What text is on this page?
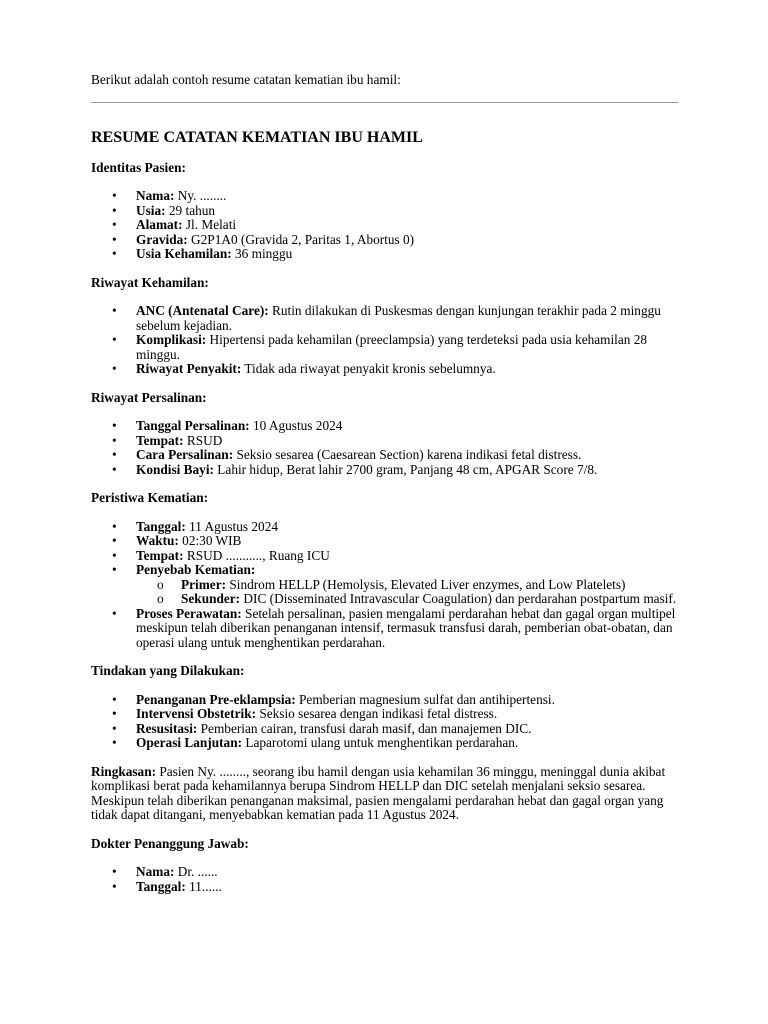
Berikut adalah contoh resume catatan kematian ibu hamil:

RESUME CATATAN KEMATIAN IBU HAMIL
Identitas Pasien:
• Nama: Ny. ........
• Usia: 29 tahun
• Alamat: Jl. Melati
• Gravida: G2P1A0 (Gravida 2, Paritas 1, Abortus 0)
• Usia Kehamilan: 36 minggu
Riwayat Kehamilan:
• ANC (Antenatal Care): Rutin dilakukan di Puskesmas dengan kunjungan terakhir pada 2 minggu sebelum kejadian.
• Komplikasi: Hipertensi pada kehamilan (preeclampsia) yang terdeteksi pada usia kehamilan 28 minggu.
• Riwayat Penyakit: Tidak ada riwayat penyakit kronis sebelumnya.
Riwayat Persalinan:
• Tanggal Persalinan: 10 Agustus 2024
• Tempat: RSUD
• Cara Persalinan: Seksio sesarea (Caesarean Section) karena indikasi fetal distress.
• Kondisi Bayi: Lahir hidup, Berat lahir 2700 gram, Panjang 48 cm, APGAR Score 7/8.
Peristiwa Kematian:
• Tanggal: 11 Agustus 2024
• Waktu: 02:30 WIB
• Tempat: RSUD ..........., Ruang ICU
• Penyebab Kematian:
o Primer: Sindrom HELLP (Hemolysis, Elevated Liver enzymes, and Low Platelets)
o Sekunder: DIC (Disseminated Intravascular Coagulation) dan perdarahan postpartum masif.
• Proses Perawatan: Setelah persalinan, pasien mengalami perdarahan hebat dan gagal organ multipel meskipun telah diberikan penanganan intensif, termasuk transfusi darah, pemberian obat-obatan, dan operasi ulang untuk menghentikan perdarahan.
Tindakan yang Dilakukan:
• Penanganan Pre-eklampsia: Pemberian magnesium sulfat dan antihipertensi.
• Intervensi Obstetrik: Seksio sesarea dengan indikasi fetal distress.
• Resusitasi: Pemberian cairan, transfusi darah masif, dan manajemen DIC.
• Operasi Lanjutan: Laparotomi ulang untuk menghentikan perdarahan.

Ringkasan: Pasien Ny. ........, seorang ibu hamil dengan usia kehamilan 36 minggu, meninggal dunia akibat komplikasi berat pada kehamilannya berupa Sindrom HELLP dan DIC setelah menjalani seksio sesarea. Meskipun telah diberikan penanganan maksimal, pasien mengalami perdarahan hebat dan gagal organ yang tidak dapat ditangani, menyebabkan kematian pada 11 Agustus 2024.

Dokter Penanggung Jawab:
• Nama: Dr. ......
• Tanggal: 11......
